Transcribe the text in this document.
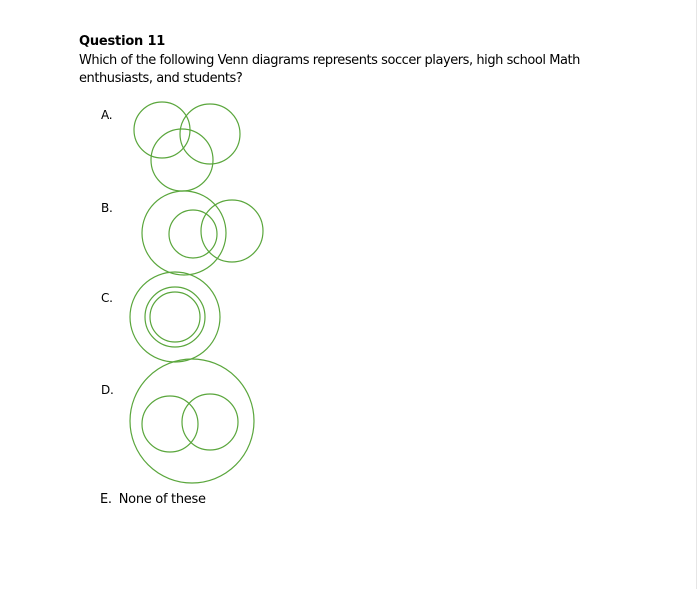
Question 11
Which of the following Venn diagrams represents soccer players, high school Math enthusiasts, and students?
A.
B.
C.
D.
E. None of these
